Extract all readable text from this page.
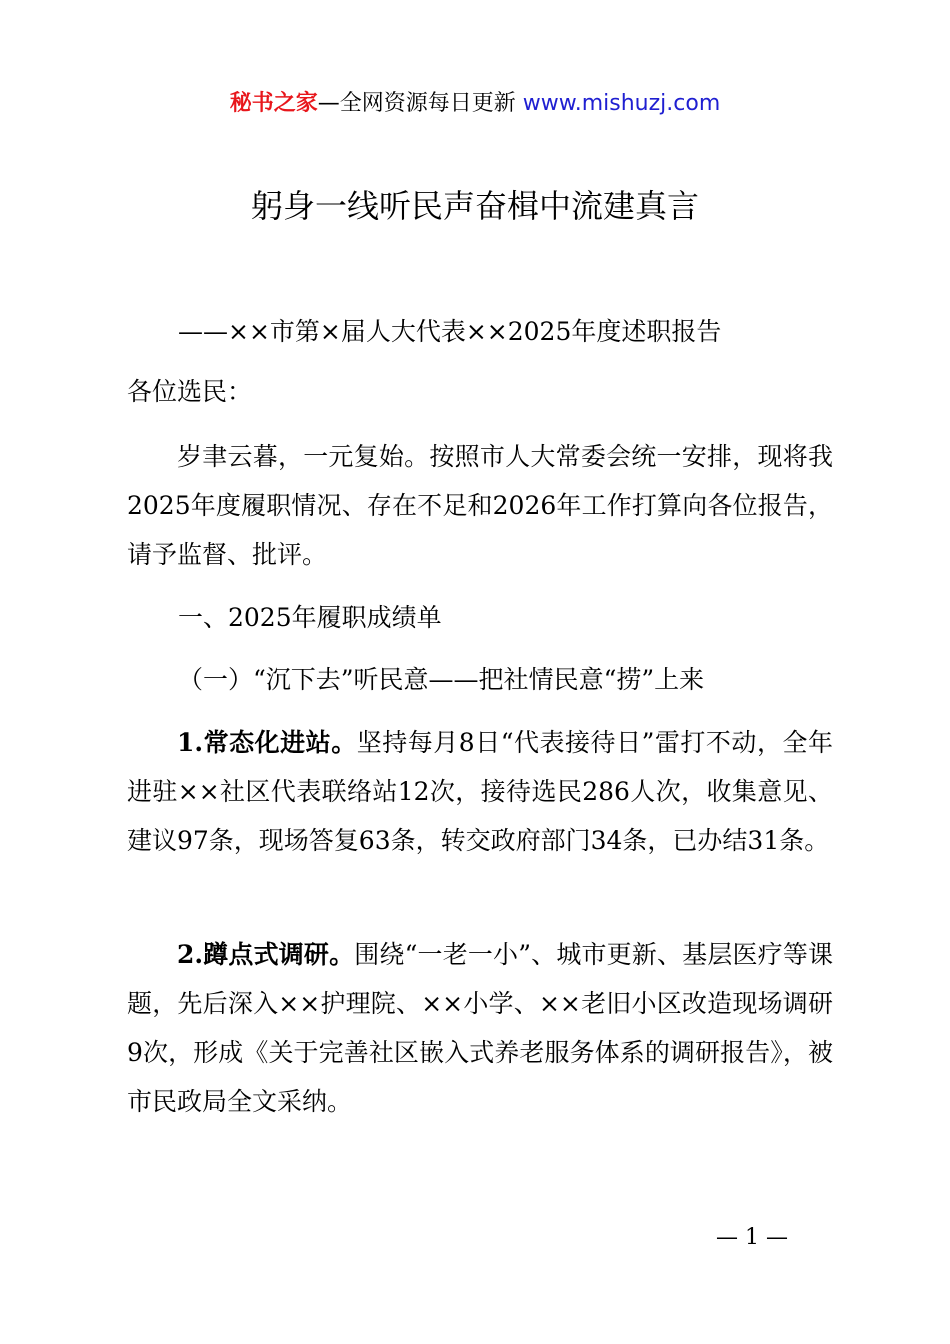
秘书之家—全网资源每日更新 www.mishuzj.com
躬身一线听民声奋楫中流建真言
——××市第×届人大代表××2025年度述职报告
各位选民：
岁聿云暮，一元复始。按照市人大常委会统一安排，现将我2025年度履职情况、存在不足和2026年工作打算向各位报告，请予监督、批评。
一、2025年履职成绩单
（一）“沉下去”听民意——把社情民意“捞”上来
1.常态化进站。坚持每月8日“代表接待日”雷打不动，全年进驻××社区代表联络站12次，接待选民286人次，收集意见、建议97条，现场答复63条，转交政府部门34条，已办结31条。
2.蹲点式调研。围绕“一老一小”、城市更新、基层医疗等课题，先后深入××护理院、××小学、××老旧小区改造现场调研9次，形成《关于完善社区嵌入式养老服务体系的调研报告》，被市民政局全文采纳。
— 1 —
